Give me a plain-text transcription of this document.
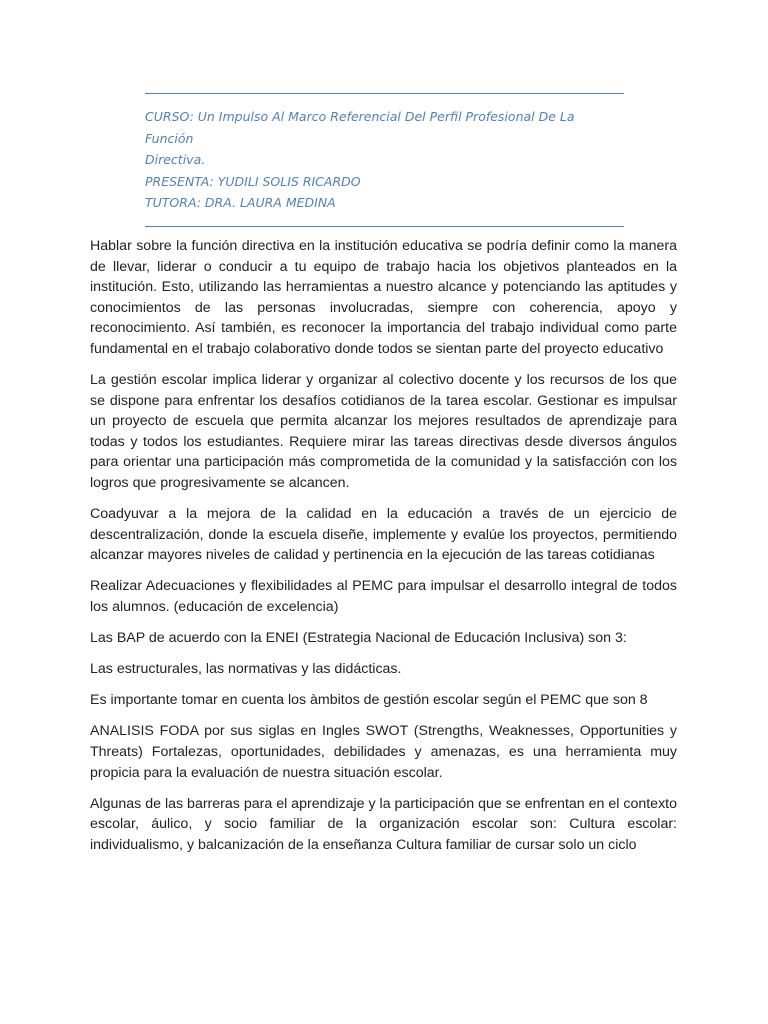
CURSO: Un Impulso Al Marco Referencial Del Perfil Profesional De La Función
Directiva.
PRESENTA: YUDILI SOLIS RICARDO
TUTORA: DRA. LAURA MEDINA

Hablar sobre la función directiva en la institución educativa se podría definir como la manera de llevar, liderar o conducir a tu equipo de trabajo hacia los objetivos planteados en la institución. Esto, utilizando las herramientas a nuestro alcance y potenciando las aptitudes y conocimientos de las personas involucradas, siempre con coherencia, apoyo y reconocimiento. Así también, es reconocer la importancia del trabajo individual como parte fundamental en el trabajo colaborativo donde todos se sientan parte del proyecto educativo

La gestión escolar implica liderar y organizar al colectivo docente y los recursos de los que se dispone para enfrentar los desafíos cotidianos de la tarea escolar. Gestionar es impulsar un proyecto de escuela que permita alcanzar los mejores resultados de aprendizaje para todas y todos los estudiantes. Requiere mirar las tareas directivas desde diversos ángulos para orientar una participación más comprometida de la comunidad y la satisfacción con los logros que progresivamente se alcancen.

Coadyuvar a la mejora de la calidad en la educación a través de un ejercicio de descentralización, donde la escuela diseñe, implemente y evalúe los proyectos, permitiendo alcanzar mayores niveles de calidad y pertinencia en la ejecución de las tareas cotidianas

Realizar Adecuaciones y flexibilidades al PEMC para impulsar el desarrollo integral de todos los alumnos. (educación de excelencia)

Las BAP de acuerdo con la ENEI (Estrategia Nacional de Educación Inclusiva) son 3:

Las estructurales, las normativas y las didácticas.

Es importante tomar en cuenta los àmbitos de gestión escolar según el PEMC que son 8

ANALISIS FODA por sus siglas en Ingles SWOT (Strengths, Weaknesses, Opportunities y Threats) Fortalezas, oportunidades, debilidades y amenazas, es una herramienta muy propicia para la evaluación de nuestra situación escolar.

Algunas de las barreras para el aprendizaje y la participación que se enfrentan en el contexto escolar, áulico, y socio familiar de la organización escolar son: Cultura escolar: individualismo, y balcanización de la enseñanza Cultura familiar de cursar solo un ciclo
